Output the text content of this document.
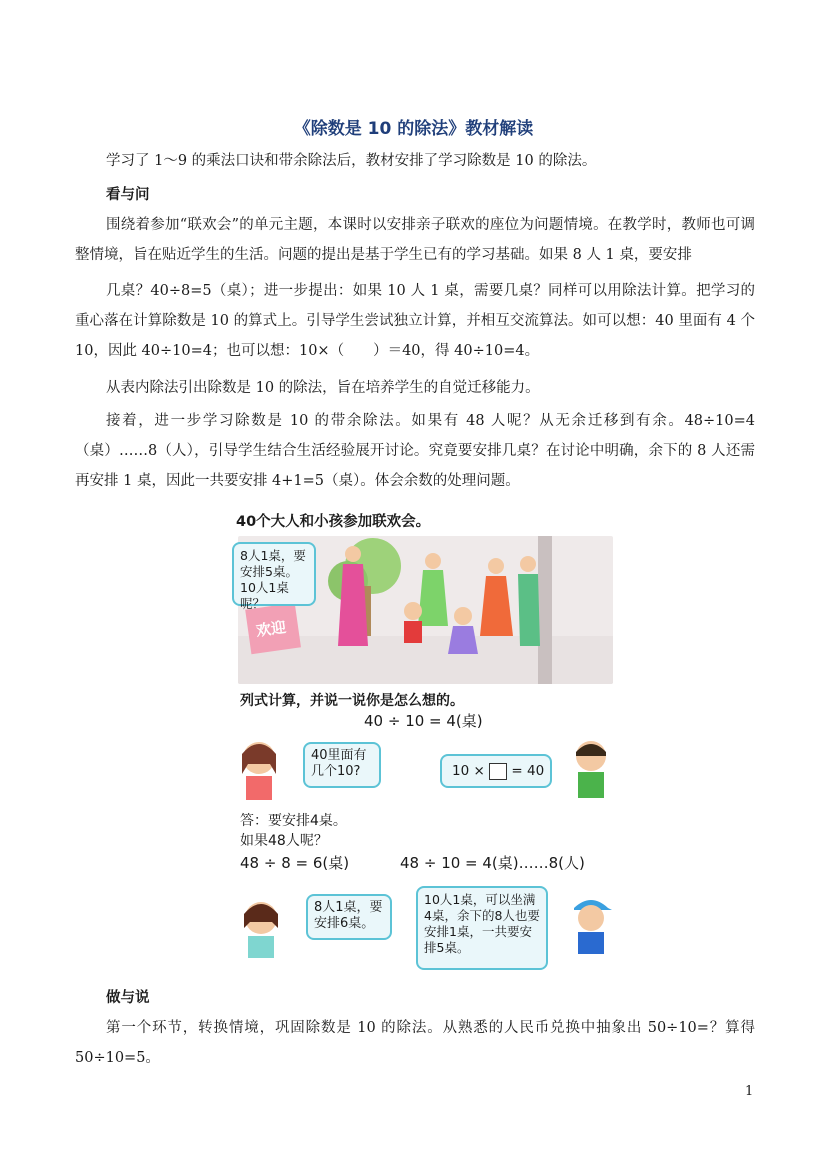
《除数是 10 的除法》教材解读

学习了 1～9 的乘法口诀和带余除法后，教材安排了学习除数是 10 的除法。

看与问

围绕着参加“联欢会”的单元主题，本课时以安排亲子联欢的座位为问题情境。在教学时，教师也可调整情境，旨在贴近学生的生活。问题的提出是基于学生已有的学习基础。如果 8 人 1 桌，要安排

几桌？40÷8=5（桌）；进一步提出：如果 10 人 1 桌，需要几桌？同样可以用除法计算。把学习的重心落在计算除数是 10 的算式上。引导学生尝试独立计算，并相互交流算法。如可以想：40 里面有 4 个 10，因此 40÷10=4；也可以想：10×（　　）＝40，得 40÷10=4。

从表内除法引出除数是 10 的除法，旨在培养学生的自觉迁移能力。

接着，进一步学习除数是 10 的带余除法。如果有 48 人呢？从无余迁移到有余。48÷10=4（桌）……8（人），引导学生结合生活经验展开讨论。究竟要安排几桌？在讨论中明确，余下的 8 人还需再安排 1 桌，因此一共要安排 4+1=5（桌）。体会余数的处理问题。

欢迎
40个大人和小孩参加联欢会。
8人1桌，要安排5桌。10人1桌呢？
列式计算，并说一说你是怎么想的。
40 ÷ 10 = 4(桌)
40里面有几个10?	10 × = 40
答：要安排4桌。
如果48人呢？
48 ÷ 8 = 6(桌)	48 ÷ 10 = 4(桌)……8(人)
8人1桌，要安排6桌。
10人1桌，可以坐满4桌，余下的8人也要安排1桌，一共要安排5桌。
做与说

第一个环节，转换情境，巩固除数是 10 的除法。从熟悉的人民币兑换中抽象出 50÷10=？算得 50÷10=5。

1
